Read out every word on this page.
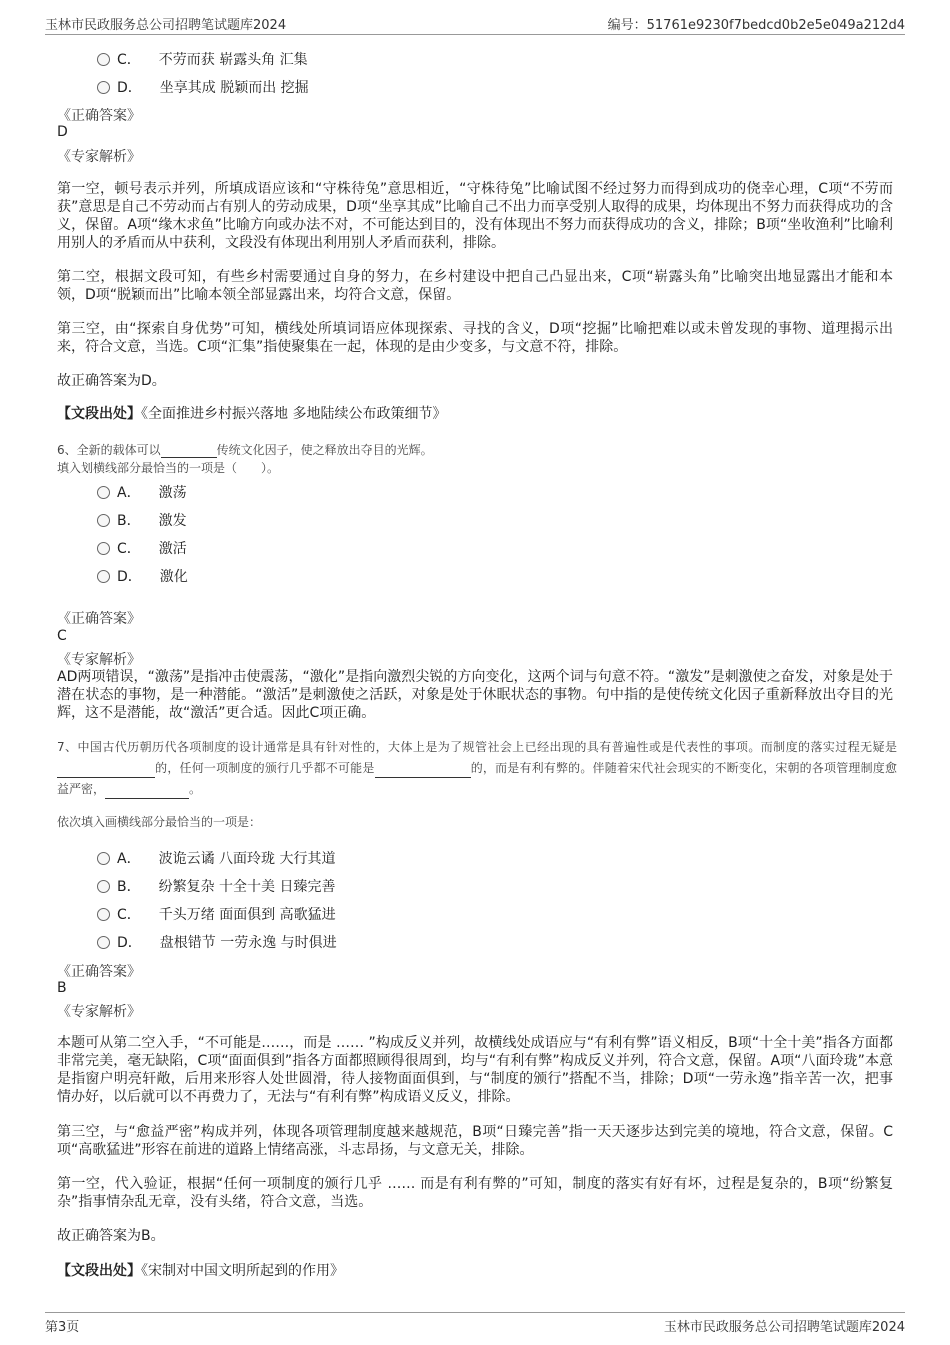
玉林市民政服务总公司招聘笔试题库2024	编号：51761e9230f7bedcd0b2e5e049a212d4
C． 不劳而获 崭露头角 汇集
D． 坐享其成 脱颖而出 挖掘
《正确答案》
D
《专家解析》
第一空，顿号表示并列，所填成语应该和“守株待兔”意思相近，“守株待兔”比喻试图不经过努力而得到成功的侥幸心理，C项“不劳而获”意思是自己不劳动而占有别人的劳动成果，D项“坐享其成”比喻自己不出力而享受别人取得的成果，均体现出不努力而获得成功的含义，保留。A项“缘木求鱼”比喻方向或办法不对，不可能达到目的，没有体现出不努力而获得成功的含义，排除；B项“坐收渔利”比喻利用别人的矛盾而从中获利，文段没有体现出利用别人矛盾而获利，排除。
第二空，根据文段可知，有些乡村需要通过自身的努力，在乡村建设中把自己凸显出来，C项“崭露头角”比喻突出地显露出才能和本领，D项“脱颖而出”比喻本领全部显露出来，均符合文意，保留。
第三空，由“探索自身优势”可知，横线处所填词语应体现探索、寻找的含义，D项“挖掘”比喻把难以或未曾发现的事物、道理揭示出来，符合文意，当选。C项“汇集”指使聚集在一起，体现的是由少变多，与文意不符，排除。
故正确答案为D。
【文段出处】《全面推进乡村振兴落地 多地陆续公布政策细节》
6、全新的载体可以	传统文化因子，使之释放出夺目的光辉。
填入划横线部分最恰当的一项是（　　）。
A． 激荡
B． 激发
C． 激活
D． 激化
《正确答案》
C
《专家解析》
AD两项错误，“激荡”是指冲击使震荡，“激化”是指向激烈尖锐的方向变化，这两个词与句意不符。“激发”是刺激使之奋发，对象是处于潜在状态的事物，是一种潜能。“激活”是刺激使之活跃，对象是处于休眠状态的事物。句中指的是使传统文化因子重新释放出夺目的光辉，这不是潜能，故“激活”更合适。因此C项正确。
7、中国古代历朝历代各项制度的设计通常是具有针对性的，大体上是为了规管社会上已经出现的具有普遍性或是代表性的事项。而制度的落实过程无疑是 的，任何一项制度的颁行几乎都不可能是	的，而是有利有弊的。伴随着宋代社会现实的不断变化，宋朝的各项管理制度愈益严密，	。
依次填入画横线部分最恰当的一项是：
A． 波诡云谲 八面玲珑 大行其道
B． 纷繁复杂 十全十美 日臻完善
C． 千头万绪 面面俱到 高歌猛进
D． 盘根错节 一劳永逸 与时俱进
《正确答案》
B
《专家解析》
本题可从第二空入手，“不可能是……，而是 …… ”构成反义并列，故横线处成语应与“有利有弊”语义相反，B项“十全十美”指各方面都非常完美，毫无缺陷，C项“面面俱到”指各方面都照顾得很周到，均与“有利有弊”构成反义并列，符合文意，保留。A项“八面玲珑”本意是指窗户明亮轩敞，后用来形容人处世圆滑，待人接物面面俱到，与“制度的颁行”搭配不当，排除；D项“一劳永逸”指辛苦一次，把事情办好，以后就可以不再费力了，无法与“有利有弊”构成语义反义，排除。
第三空，与“愈益严密”构成并列，体现各项管理制度越来越规范，B项“日臻完善”指一天天逐步达到完美的境地，符合文意，保留。C项“高歌猛进”形容在前进的道路上情绪高涨，斗志昂扬，与文意无关，排除。
第一空，代入验证，根据“任何一项制度的颁行几乎 …… 而是有利有弊的”可知，制度的落实有好有坏，过程是复杂的，B项“纷繁复杂”指事情杂乱无章，没有头绪，符合文意，当选。
故正确答案为B。
【文段出处】《宋制对中国文明所起到的作用》
第3页	玉林市民政服务总公司招聘笔试题库2024
